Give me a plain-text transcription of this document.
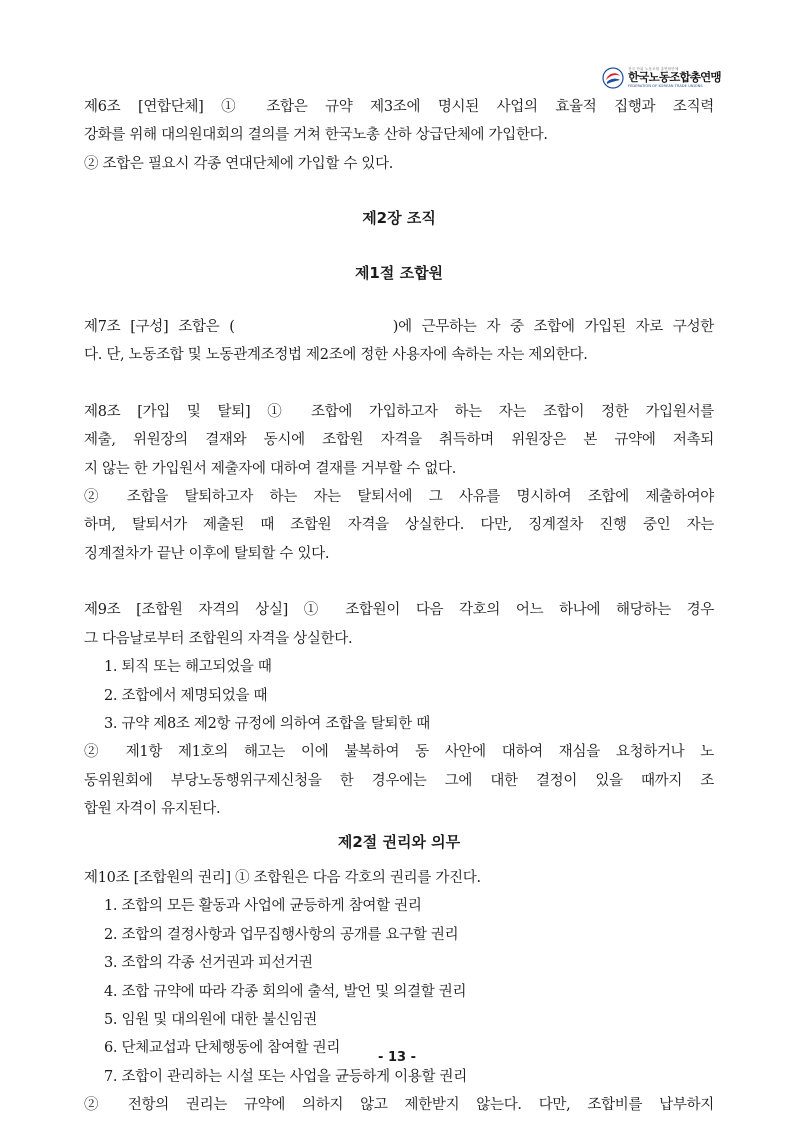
전국 단위 노동조합 총연합단체
한국노동조합총연맹
FEDERATION OF KOREAN TRADE UNIONS

제6조 [연합단체] ① 조합은 규약 제3조에 명시된 사업의 효율적 집행과 조직력

강화를 위해 대의원대회의 결의를 거쳐 한국노총 산하 상급단체에 가입한다.

② 조합은 필요시 각종 연대단체에 가입할 수 있다.

제2장 조직
제1절 조합원

제7조 [구성] 조합은 (                )에 근무하는 자 중 조합에 가입된 자로 구성한

다. 단, 노동조합 및 노동관계조정법 제2조에 정한 사용자에 속하는 자는 제외한다.

제8조 [가입 및 탈퇴] ① 조합에 가입하고자 하는 자는 조합이 정한 가입원서를

제출, 위원장의 결재와 동시에 조합원 자격을 취득하며 위원장은 본 규약에 저촉되

지 않는 한 가입원서 제출자에 대하여 결재를 거부할 수 없다.

② 조합을 탈퇴하고자 하는 자는 탈퇴서에 그 사유를 명시하여 조합에 제출하여야

하며, 탈퇴서가 제출된 때 조합원 자격을 상실한다. 다만, 징계절차 진행 중인 자는

징계절차가 끝난 이후에 탈퇴할 수 있다.

제9조 [조합원 자격의 상실] ① 조합원이 다음 각호의 어느 하나에 해당하는 경우

그 다음날로부터 조합원의 자격을 상실한다.

1. 퇴직 또는 해고되었을 때
2. 조합에서 제명되었을 때
3. 규약 제8조 제2항 규정에 의하여 조합을 탈퇴한 때

② 제1항 제1호의 해고는 이에 불복하여 동 사안에 대하여 재심을 요청하거나 노

동위원회에 부당노동행위구제신청을 한 경우에는 그에 대한 결정이 있을 때까지 조

합원 자격이 유지된다.

제2절 권리와 의무

제10조 [조합원의 권리] ① 조합원은 다음 각호의 권리를 가진다.

1. 조합의 모든 활동과 사업에 균등하게 참여할 권리
2. 조합의 결정사항과 업무집행사항의 공개를 요구할 권리
3. 조합의 각종 선거권과 피선거권
4. 조합 규약에 따라 각종 회의에 출석, 발언 및 의결할 권리
5. 임원 및 대의원에 대한 불신임권
6. 단체교섭과 단체행동에 참여할 권리
7. 조합이 관리하는 시설 또는 사업을 균등하게 이용할 권리

② 전항의 권리는 규약에 의하지 않고 제한받지 않는다. 다만, 조합비를 납부하지

- 13 -
